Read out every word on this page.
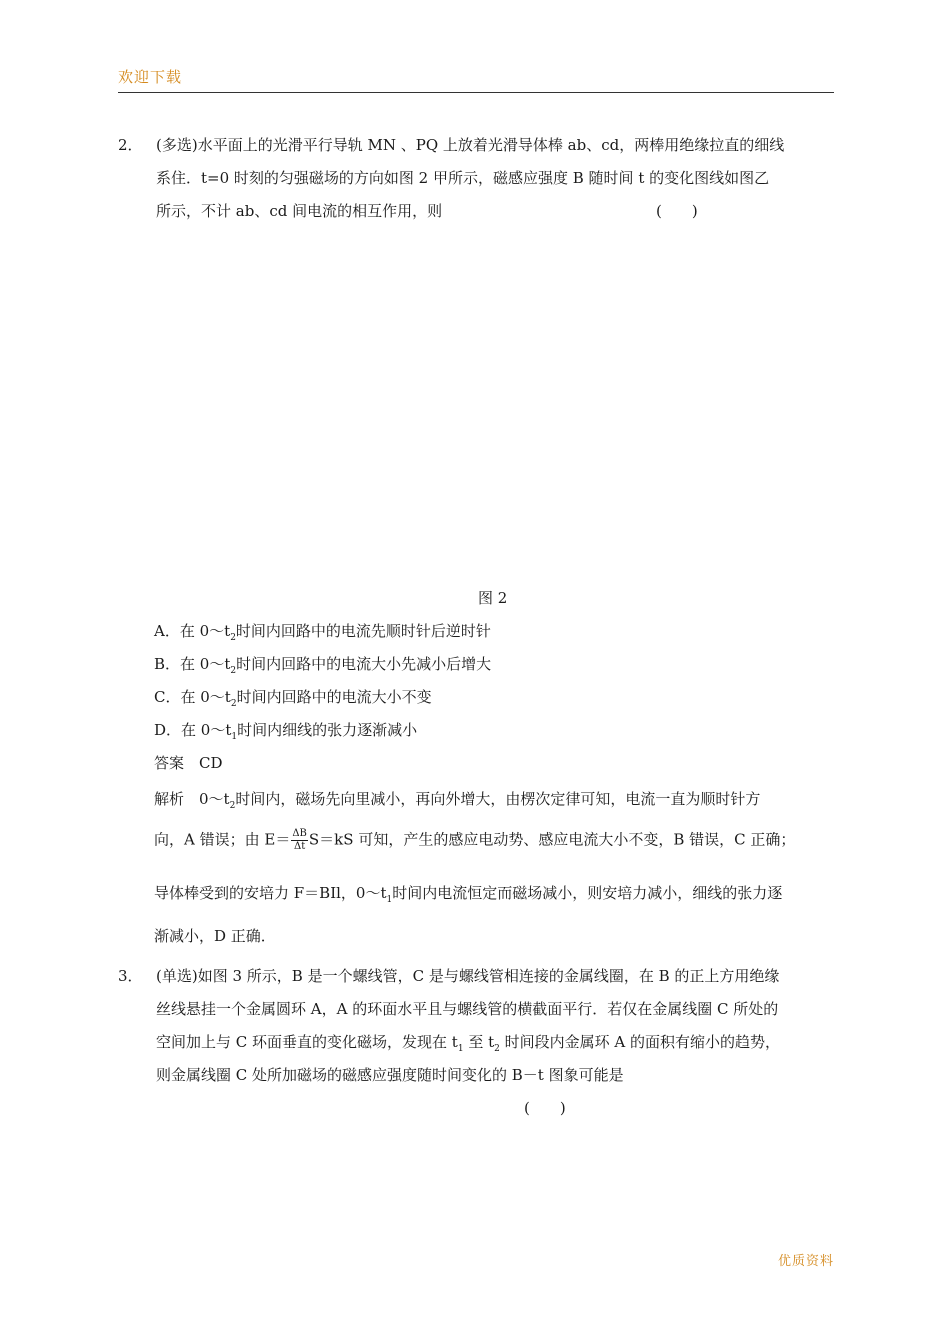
欢迎下载
2． (多选)水平面上的光滑平行导轨 MN 、PQ 上放着光滑导体棒 ab、cd，两棒用绝缘拉直的细线
系住．t=0 时刻的匀强磁场的方向如图 2 甲所示，磁感应强度 B 随时间 t 的变化图线如图乙
所示，不计 ab、cd 间电流的相互作用，则	(　　)
图 2
A．在 $0\sim t_2$时间内回路中的电流先顺时针后逆时针
B．在 $0\sim t_2$时间内回路中的电流大小先减小后增大
C．在 $0\sim t_2$时间内回路中的电流大小不变
D．在 $0\sim t_1$时间内细线的张力逐渐减小
答案　CD
解析　$0\sim t_2$时间内，磁场先向里减小，再向外增大，由楞次定律可知，电流一直为顺时针方
向，A 错误；由 $E= \frac{\Delta B}{\Delta t} S=kS$ 可知，产生的感应电动势、感应电流大小不变，B 错误，C 正确；
导体棒受到的安培力 F＝BIl，$0\sim t_1$时间内电流恒定而磁场减小，则安培力减小，细线的张力逐
渐减小，D 正确．
3． (单选)如图 3 所示，B 是一个螺线管，C 是与螺线管相连接的金属线圈，在 B 的正上方用绝缘
丝线悬挂一个金属圆环 A，A 的环面水平且与螺线管的横截面平行．若仅在金属线圈 C 所处的
空间加上与 C 环面垂直的变化磁场，发现在 $t_1$ 至 $t_2$ 时间段内金属环 A 的面积有缩小的趋势，
则金属线圈 C 处所加磁场的磁感应强度随时间变化的 B－t 图象可能是
(　　)
优质资料
